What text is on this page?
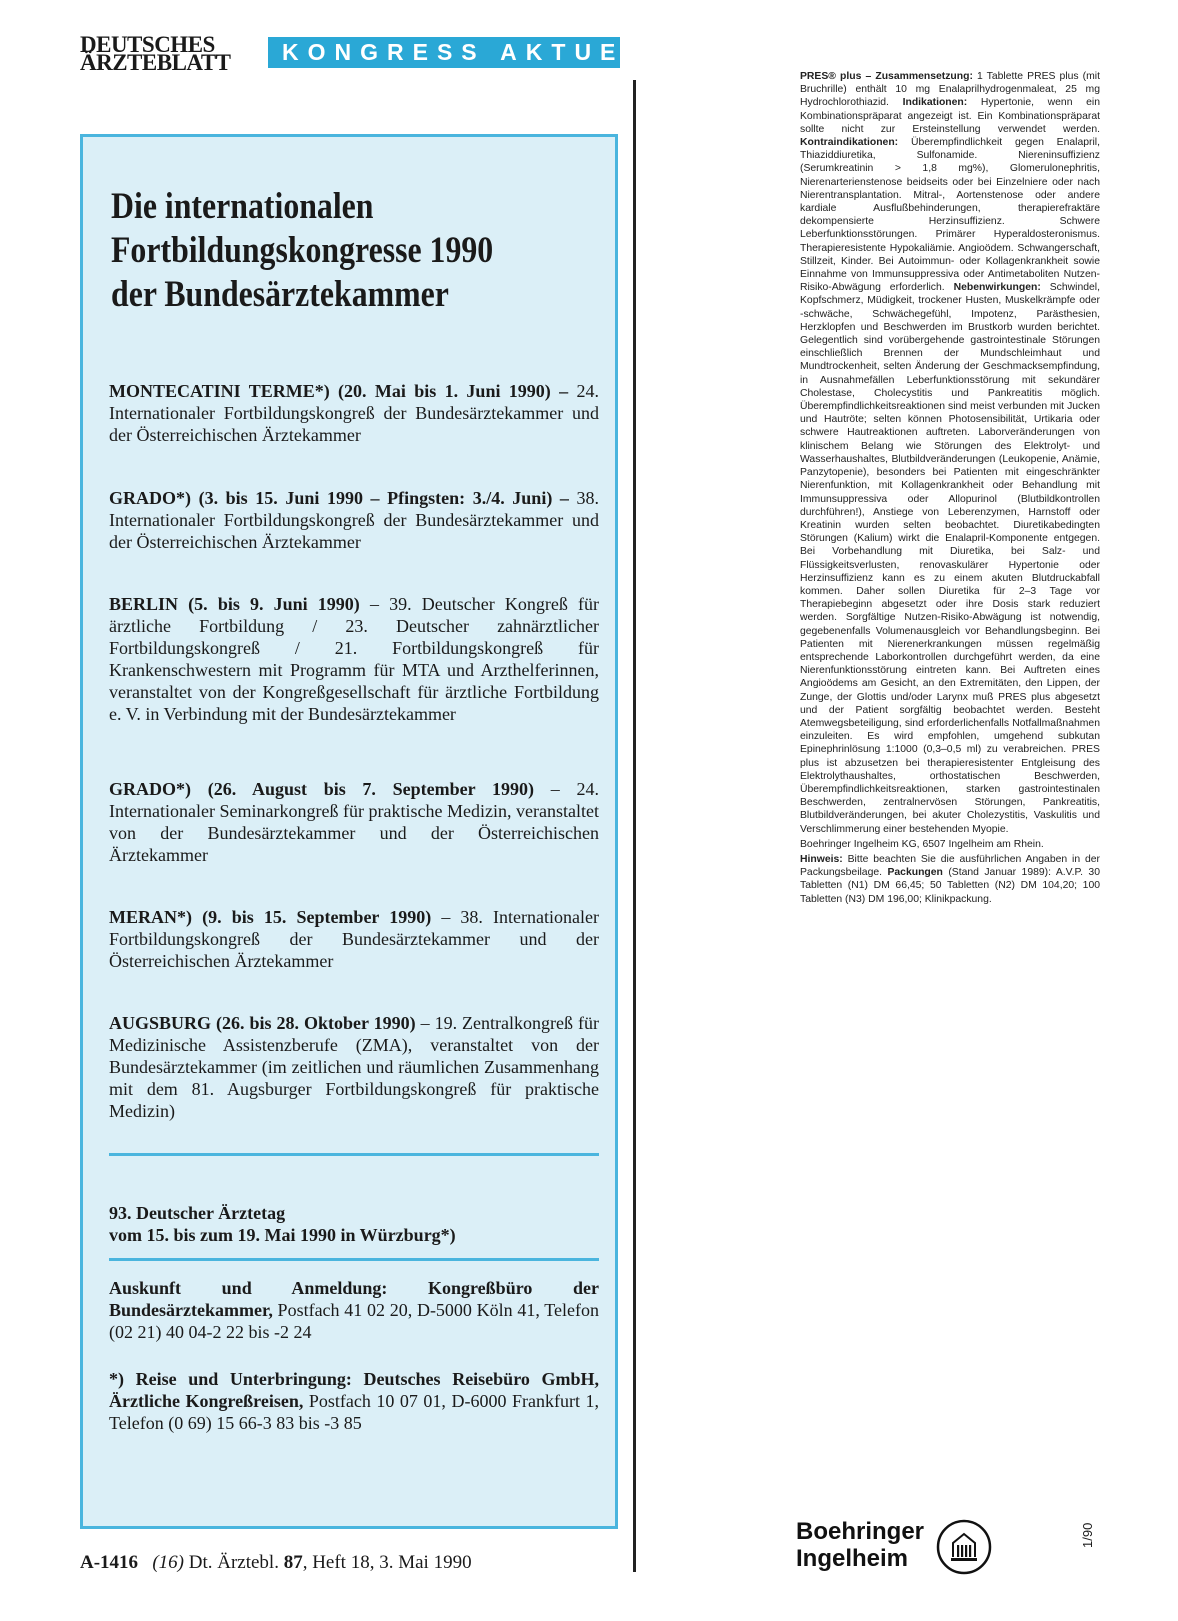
DEUTSCHES
ÄRZTEBLATT	KONGRESS AKTUELL
Die internationalen
Fortbildungskongresse 1990
der Bundesärztekammer
MONTECATINI TERME*) (20. Mai bis 1. Juni 1990) – 24. Internationaler Fortbildungskongreß der Bundesärztekammer und der Österreichischen Ärztekammer
GRADO*) (3. bis 15. Juni 1990 – Pfingsten: 3./4. Juni) – 38. Internationaler Fortbildungskongreß der Bundesärztekammer und der Österreichischen Ärztekammer
BERLIN (5. bis 9. Juni 1990) – 39. Deutscher Kongreß für ärztliche Fortbildung / 23. Deutscher zahnärztlicher Fortbildungskongreß / 21. Fortbildungskongreß für Krankenschwestern mit Programm für MTA und Arzthelferinnen, veranstaltet von der Kongreßgesellschaft für ärztliche Fortbildung e. V. in Verbindung mit der Bundesärztekammer
GRADO*) (26. August bis 7. September 1990) – 24. Internationaler Seminarkongreß für praktische Medizin, veranstaltet von der Bundesärztekammer und der Österreichischen Ärztekammer
MERAN*) (9. bis 15. September 1990) – 38. Internationaler Fortbildungskongreß der Bundesärztekammer und der Österreichischen Ärztekammer
AUGSBURG (26. bis 28. Oktober 1990) – 19. Zentralkongreß für Medizinische Assistenzberufe (ZMA), veranstaltet von der Bundesärztekammer (im zeitlichen und räumlichen Zusammenhang mit dem 81. Augsburger Fortbildungskongreß für praktische Medizin)
93. Deutscher Ärztetag
vom 15. bis zum 19. Mai 1990 in Würzburg*)
Auskunft und Anmeldung: Kongreßbüro der Bundesärztekammer, Postfach 41 02 20, D-5000 Köln 41, Telefon (02 21) 40 04-2 22 bis -2 24
*) Reise und Unterbringung: Deutsches Reisebüro GmbH, Ärztliche Kongreßreisen, Postfach 10 07 01, D-6000 Frankfurt 1, Telefon (0 69) 15 66-3 83 bis -3 85

PRES® plus – Zusammensetzung: 1 Tablette PRES plus (mit Bruchrille) enthält 10 mg Enalaprilhydrogenmaleat, 25 mg Hydrochlorothiazid. Indikationen: Hypertonie, wenn ein Kombinationspräparat angezeigt ist. Ein Kombinationspräparat sollte nicht zur Ersteinstellung verwendet werden. Kontraindikationen: Überempfindlichkeit gegen Enalapril, Thiaziddiuretika, Sulfonamide. Niereninsuffizienz (Serumkreatinin > 1,8 mg%), Glomerulonephritis, Nierenarterienstenose beidseits oder bei Einzelniere oder nach Nierentransplantation. Mitral-, Aortenstenose oder andere kardiale Ausflußbehinderungen, therapierefraktäre dekompensierte Herzinsuffizienz. Schwere Leberfunktionsstörungen. Primärer Hyperaldosteronismus. Therapieresistente Hypokaliämie. Angioödem. Schwangerschaft, Stillzeit, Kinder. Bei Autoimmun- oder Kollagenkrankheit sowie Einnahme von Immunsuppressiva oder Antimetaboliten Nutzen-Risiko-Abwägung erforderlich. Nebenwirkungen: Schwindel, Kopfschmerz, Müdigkeit, trockener Husten, Muskelkrämpfe oder -schwäche, Schwächegefühl, Impotenz, Parästhesien, Herzklopfen und Beschwerden im Brustkorb wurden berichtet. Gelegentlich sind vorübergehende gastrointestinale Störungen einschließlich Brennen der Mundschleimhaut und Mundtrockenheit, selten Änderung der Geschmacksempfindung, in Ausnahmefällen Leberfunktionsstörung mit sekundärer Cholestase, Cholecystitis und Pankreatitis möglich. Überempfindlichkeitsreaktionen sind meist verbunden mit Jucken und Hautröte; selten können Photosensibilität, Urtikaria oder schwere Hautreaktionen auftreten. Laborveränderungen von klinischem Belang wie Störungen des Elektrolyt- und Wasserhaushaltes, Blutbildveränderungen (Leukopenie, Anämie, Panzytopenie), besonders bei Patienten mit eingeschränkter Nierenfunktion, mit Kollagenkrankheit oder Behandlung mit Immunsuppressiva oder Allopurinol (Blutbildkontrollen durchführen!), Anstiege von Leberenzymen, Harnstoff oder Kreatinin wurden selten beobachtet. Diuretikabedingten Störungen (Kalium) wirkt die Enalapril-Komponente entgegen. Bei Vorbehandlung mit Diuretika, bei Salz- und Flüssigkeitsverlusten, renovaskulärer Hypertonie oder Herzinsuffizienz kann es zu einem akuten Blutdruckabfall kommen. Daher sollen Diuretika für 2–3 Tage vor Therapiebeginn abgesetzt oder ihre Dosis stark reduziert werden. Sorgfältige Nutzen-Risiko-Abwägung ist notwendig, gegebenenfalls Volumenausgleich vor Behandlungsbeginn. Bei Patienten mit Nierenerkrankungen müssen regelmäßig entsprechende Laborkontrollen durchgeführt werden, da eine Nierenfunktionsstörung eintreten kann. Bei Auftreten eines Angioödems am Gesicht, an den Extremitäten, den Lippen, der Zunge, der Glottis und/oder Larynx muß PRES plus abgesetzt und der Patient sorgfältig beobachtet werden. Besteht Atemwegsbeteiligung, sind erforderlichenfalls Notfallmaßnahmen einzuleiten. Es wird empfohlen, umgehend subkutan Epinephrinlösung 1:1000 (0,3–0,5 ml) zu verabreichen. PRES plus ist abzusetzen bei therapieresistenter Entgleisung des Elektrolythaushaltes, orthostatischen Beschwerden, Überempfindlichkeitsreaktionen, starken gastrointestinalen Beschwerden, zentralnervösen Störungen, Pankreatitis, Blutbildveränderungen, bei akuter Cholezystitis, Vaskulitis und Verschlimmerung einer bestehenden Myopie.

Boehringer Ingelheim KG, 6507 Ingelheim am Rhein.

Hinweis: Bitte beachten Sie die ausführlichen Angaben in der Packungsbeilage. Packungen (Stand Januar 1989): A.V.P. 30 Tabletten (N1) DM 66,45; 50 Tabletten (N2) DM 104,20; 100 Tabletten (N3) DM 196,00; Klinikpackung.

A-1416 (16) Dt. Ärztebl. 87, Heft 18, 3. Mai 1990
Boehringer
Ingelheim
1/90
